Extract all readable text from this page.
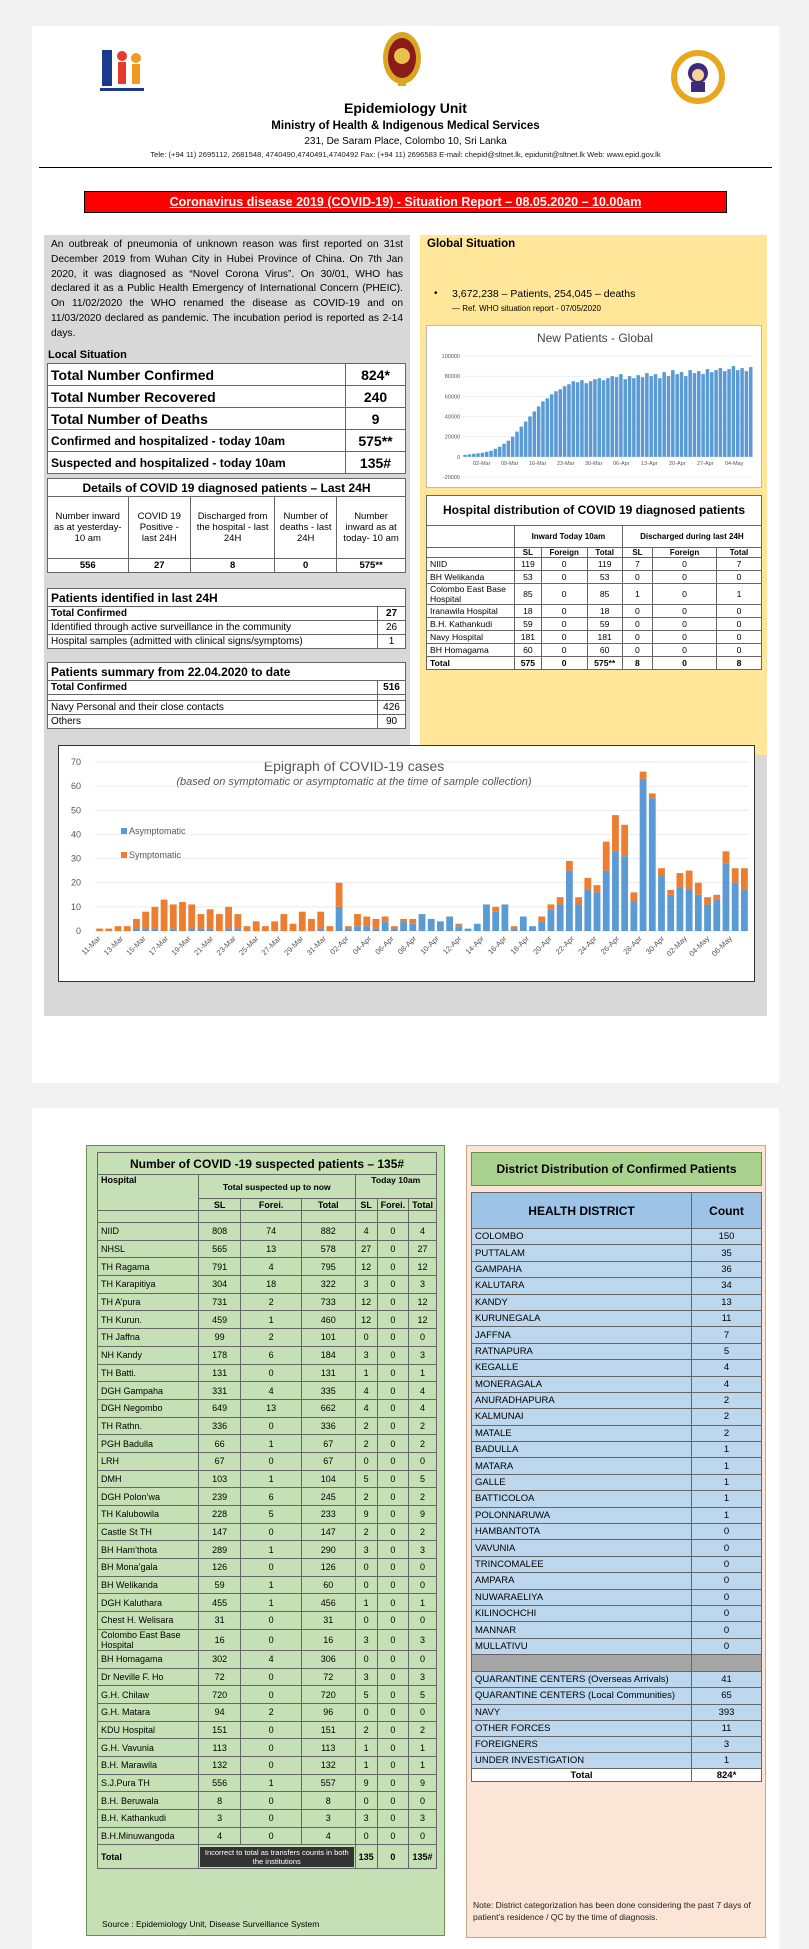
Epidemiology Unit
Ministry of Health & Indigenous Medical Services
231, De Saram Place, Colombo 10, Sri Lanka
Tele: (+94 11) 2695112, 2681548, 4740490,4740491,4740492 Fax: (+94 11) 2696583 E-mail: chepid@sltnet.lk, epidunit@sltnet.lk Web: www.epid.gov.lk
Coronavirus disease 2019 (COVID-19) - Situation Report – 08.05.2020 – 10.00am
An outbreak of pneumonia of unknown reason was first reported on 31st December 2019 from Wuhan City in Hubei Province of China. On 7th Jan 2020, it was diagnosed as “Novel Corona Virus”. On 30/01, WHO has declared it as a Public Health Emergency of International Concern (PHEIC). On 11/02/2020 the WHO renamed the disease as COVID-19 and on 11/03/2020 declared as pandemic. The incubation period is reported as 2-14 days.
Local Situation
Total Number Confirmed	824*
Total Number Recovered	240
Total Number of Deaths	9
Confirmed and hospitalized - today 10am	575**
Suspected and hospitalized - today 10am	135#
Details of COVID 19 diagnosed patients – Last 24H				
Number inward as at yesterday-10 am	COVID 19 Positive - last 24H	Discharged from the hospital - last 24H	Number of deaths - last 24H	Number inward as at today- 10 am
556	27	8	0	575**
Patients identified in last 24H	
Total Confirmed	27
Identified through active surveillance in the community	26
Hospital samples (admitted with clinical signs/symptoms)	1
Patients summary from 22.04.2020 to date	
Total Confirmed	516

Navy Personal and their close contacts	426
Others	90
Global Situation
• 3,672,238 – Patients, 254,045 – deaths
— Ref. WHO situation report - 07/05/2020
New Patients - Global
100000
80000
60000
40000
20000
0
-20000
02-Mar 09-Mar 16-Mar 23-Mar 30-Mar 06-Apr 13-Apr 20-Apr 27-Apr 04-May
Hospital distribution of COVID 19 diagnosed patients						
	Inward Today 10am			Discharged during last 24H		
	SL	Foreign	Total	SL	Foreign	Total
NIID	119	0	119	7	0	7
BH Welikanda	53	0	53	0	0	0
Colombo East Base Hospital	85	0	85	1	0	1
Iranawila Hospital	18	0	18	0	0	0
B.H. Kathankudi	59	0	59	0	0	0
Navy Hospital	181	0	181	0	0	0
BH Homagama	60	0	60	0	0	0
Total	575	0	575**	8	0	8
Epigraph of COVID-19 cases
(based on symptomatic or asymptomatic at the time of sample collection)
70
60
50
40
30
20
10
0
11-Mar 13-Mar 15-Mar 17-Mar 19-Mar 21-Mar 23-Mar 25-Mar 27-Mar 29-Mar 31-Mar 02-Apr 04-Apr 06-Apr 08-Apr 10-Apr 12-Apr 14-Apr 16-Apr 18-Apr 20-Apr 22-Apr 24-Apr 26-Apr 28-Apr 30-Apr
02-May
04-May
06-May
Asymptomatic
Symptomatic
Number of COVID -19 suspected patients – 135#						
Hospital	Total suspected up to now			Today 10am		
	SL	Forei.	Total	SL	Forei.	Total

NIID	808	74	882	4	0	4
NHSL	565	13	578	27	0	27
TH Ragama	791	4	795	12	0	12
TH Karapitiya	304	18	322	3	0	3
TH A’pura	731	2	733	12	0	12
TH Kurun.	459	1	460	12	0	12
TH Jaffna	99	2	101	0	0	0
NH Kandy	178	6	184	3	0	3
TH Batti.	131	0	131	1	0	1
DGH Gampaha	331	4	335	4	0	4
DGH Negombo	649	13	662	4	0	4
TH Rathn.	336	0	336	2	0	2
PGH Badulla	66	1	67	2	0	2
LRH	67	0	67	0	0	0
DMH	103	1	104	5	0	5
DGH Polon’wa	239	6	245	2	0	2
TH Kalubowila	228	5	233	9	0	9
Castle St TH	147	0	147	2	0	2
BH Ham’thota	289	1	290	3	0	3
BH Mona’gala	126	0	126	0	0	0
BH Welikanda	59	1	60	0	0	0
DGH Kaluthara	455	1	456	1	0	1
Chest H. Welisara	31	0	31	0	0	0
Colombo East Base Hospital	16	0	16	3	0	3
BH Homagama	302	4	306	0	0	0
Dr Neville F. Ho	72	0	72	3	0	3
G.H. Chilaw	720	0	720	5	0	5
G.H. Matara	94	2	96	0	0	0
KDU Hospital	151	0	151	2	0	2
G.H. Vavunia	113	0	113	1	0	1
B.H. Marawila	132	0	132	1	0	1
S.J.Pura TH	556	1	557	9	0	9
B.H. Beruwala	8	0	8	0	0	0
B.H. Kathankudi	3	0	3	3	0	3
B.H.Minuwangoda	4	0	4	0	0	0
Total	Incorrect to total as transfers counts in both the institutions			135	0	135#
Source : Epidemiology Unit, Disease Surveillance System
District Distribution of Confirmed Patients
HEALTH DISTRICT	Count
COLOMBO	150
PUTTALAM	35
GAMPAHA	36
KALUTARA	34
KANDY	13
KURUNEGALA	11
JAFFNA	7
RATNAPURA	5
KEGALLE	4
MONERAGALA	4
ANURADHAPURA	2
KALMUNAI	2
MATALE	2
BADULLA	1
MATARA	1
GALLE	1
BATTICOLOA	1
POLONNARUWA	1
HAMBANTOTA	0
VAVUNIA	0
TRINCOMALEE	0
AMPARA	0
NUWARAELIYA	0
KILINOCHCHI	0
MANNAR	0
MULLATIVU	0

QUARANTINE CENTERS (Overseas Arrivals)	41
QUARANTINE CENTERS (Local Communities)	65
NAVY	393
OTHER FORCES	11
FOREIGNERS	3
UNDER INVESTIGATION	1
Total	824*
Note: District categorization has been done considering the past 7 days of patient’s residence / QC by the time of diagnosis.
